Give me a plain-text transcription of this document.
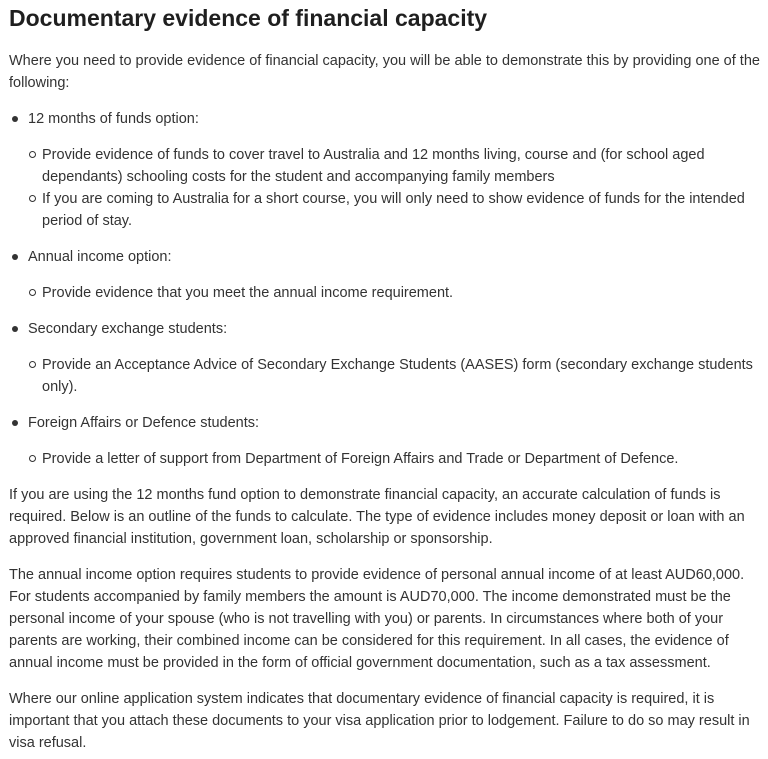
Documentary evidence of financial capacity

Where you need to provide evidence of financial capacity, you will be able to demonstrate this by providing one of the following:

12 months of funds option:
Provide evidence of funds to cover travel to Australia and 12 months living, course and (for school aged dependants) schooling costs for the student and accompanying family members
If you are coming to Australia for a short course, you will only need to show evidence of funds for the intended period of stay.
Annual income option:
Provide evidence that you meet the annual income requirement.
Secondary exchange students:
Provide an Acceptance Advice of Secondary Exchange Students (AASES) form (secondary exchange students only).
Foreign Affairs or Defence students:
Provide a letter of support from Department of Foreign Affairs and Trade or Department of Defence.

If you are using the 12 months fund option to demonstrate financial capacity, an accurate calculation of funds is required. Below is an outline of the funds to calculate. The type of evidence includes money deposit or loan with an approved financial institution, government loan, scholarship or sponsorship.

The annual income option requires students to provide evidence of personal annual income of at least AUD60,000. For students accompanied by family members the amount is AUD70,000. The income demonstrated must be the personal income of your spouse (who is not travelling with you) or parents. In circumstances where both of your parents are working, their combined income can be considered for this requirement. In all cases, the evidence of annual income must be provided in the form of official government documentation, such as a tax assessment.

Where our online application system indicates that documentary evidence of financial capacity is required, it is important that you attach these documents to your visa application prior to lodgement. Failure to do so may result in visa refusal.
